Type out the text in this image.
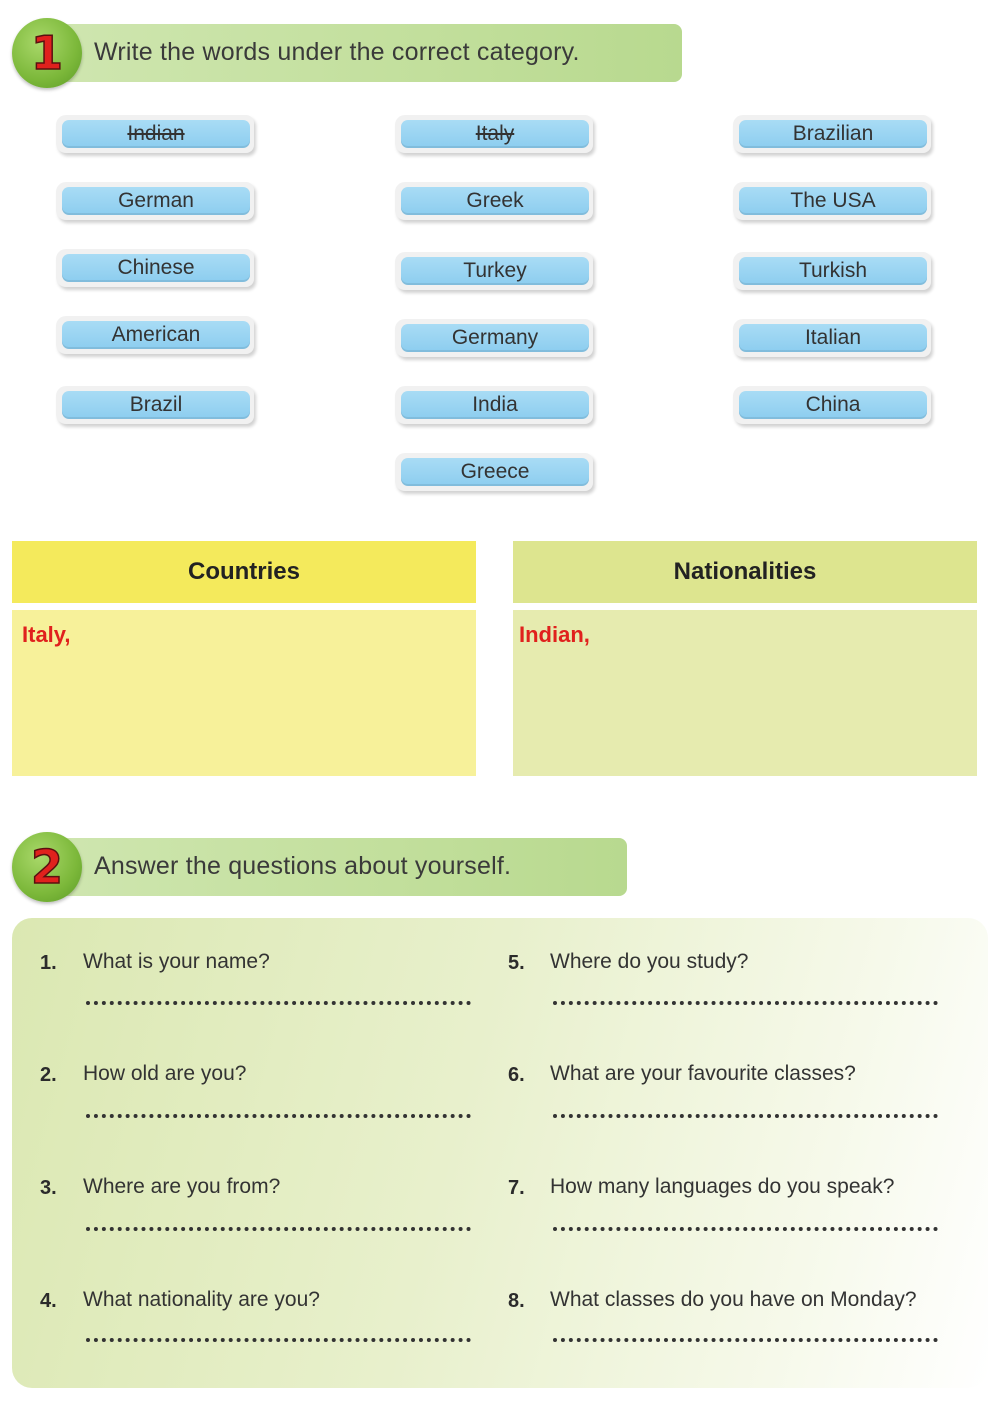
1 Write the words under the correct category.
Indian
German
Chinese
American
Brazil
Italy
Greek
Turkey
Germany
India
Greece
Brazilian
The USA
Turkish
Italian
China
Countries
Italy,
Nationalities
Indian,
2 Answer the questions about yourself.
1. What is your name?
2. How old are you?
3. Where are you from?
4. What nationality are you?
5. Where do you study?
6. What are your favourite classes?
7. How many languages do you speak?
8. What classes do you have on Monday?
